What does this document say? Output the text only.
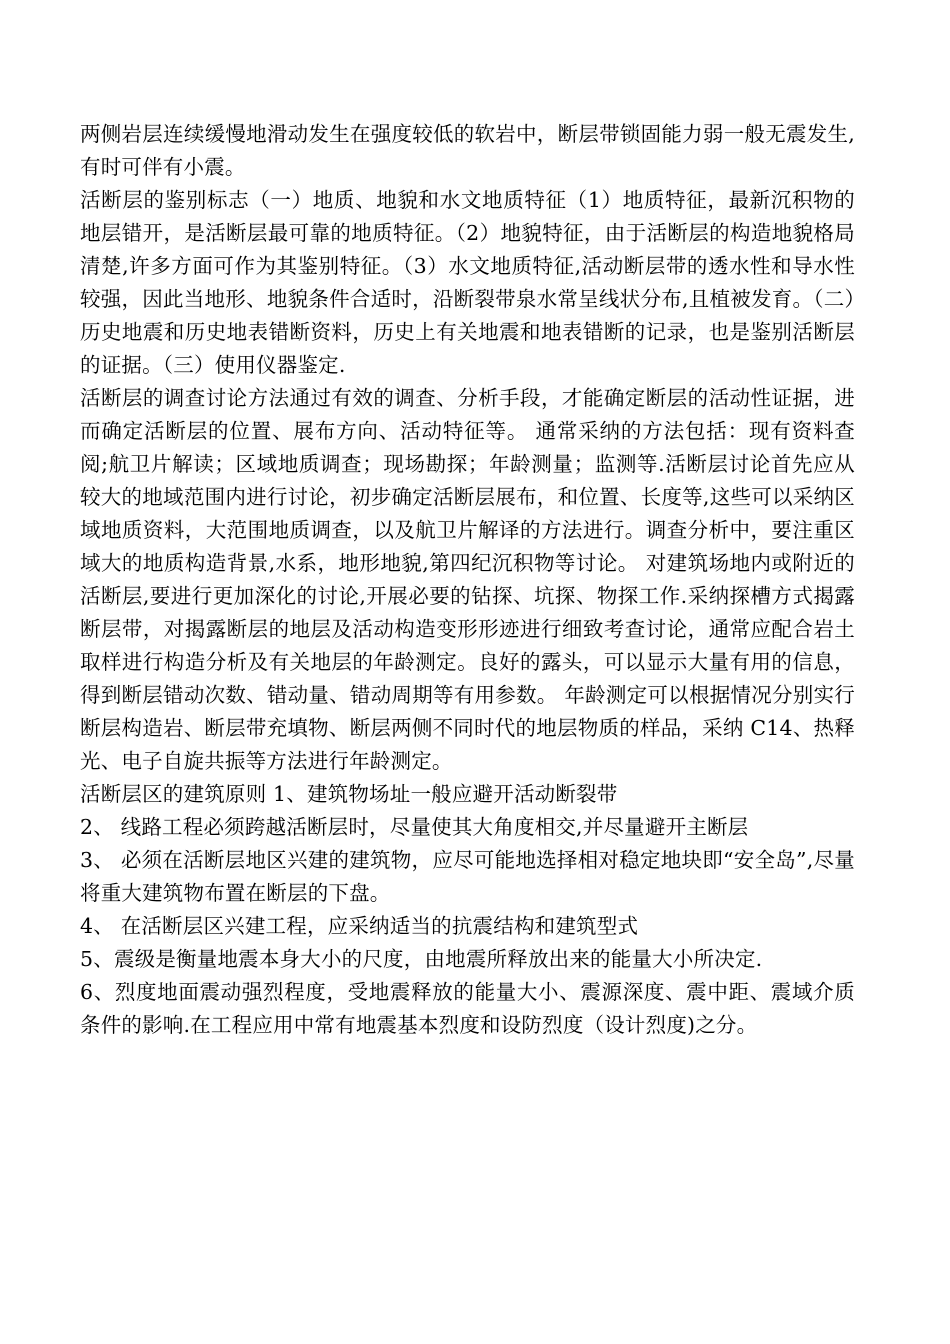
两侧岩层连续缓慢地滑动发生在强度较低的软岩中，断层带锁固能力弱一般无震发生,有时可伴有小震。

活断层的鉴别标志（一）地质、地貌和水文地质特征（1）地质特征，最新沉积物的地层错开，是活断层最可靠的地质特征。（2）地貌特征，由于活断层的构造地貌格局清楚,许多方面可作为其鉴别特征。（3）水文地质特征,活动断层带的透水性和导水性较强，因此当地形、地貌条件合适时，沿断裂带泉水常呈线状分布,且植被发育。（二）历史地震和历史地表错断资料，历史上有关地震和地表错断的记录，也是鉴别活断层的证据。（三）使用仪器鉴定.

活断层的调查讨论方法通过有效的调查、分析手段，才能确定断层的活动性证据，进而确定活断层的位置、展布方向、活动特征等。 通常采纳的方法包括：现有资料查阅;航卫片解读；区域地质调查；现场勘探；年龄测量；监测等.活断层讨论首先应从较大的地域范围内进行讨论，初步确定活断层展布，和位置、长度等,这些可以采纳区域地质资料，大范围地质调查，以及航卫片解译的方法进行。调查分析中，要注重区域大的地质构造背景,水系，地形地貌,第四纪沉积物等讨论。 对建筑场地内或附近的活断层,要进行更加深化的讨论,开展必要的钻探、坑探、物探工作.采纳探槽方式揭露断层带，对揭露断层的地层及活动构造变形形迹进行细致考查讨论，通常应配合岩土取样进行构造分析及有关地层的年龄测定。良好的露头，可以显示大量有用的信息，得到断层错动次数、错动量、错动周期等有用参数。 年龄测定可以根据情况分别实行断层构造岩、断层带充填物、断层两侧不同时代的地层物质的样品，采纳 C14、热释光、电子自旋共振等方法进行年龄测定。

活断层区的建筑原则 1、建筑物场址一般应避开活动断裂带

2、 线路工程必须跨越活断层时，尽量使其大角度相交,并尽量避开主断层

3、 必须在活断层地区兴建的建筑物，应尽可能地选择相对稳定地块即“安全岛”,尽量将重大建筑物布置在断层的下盘。

4、 在活断层区兴建工程，应采纳适当的抗震结构和建筑型式

5、震级是衡量地震本身大小的尺度，由地震所释放出来的能量大小所决定.

6、烈度地面震动强烈程度，受地震释放的能量大小、震源深度、震中距、震域介质条件的影响.在工程应用中常有地震基本烈度和设防烈度（设计烈度)之分。
